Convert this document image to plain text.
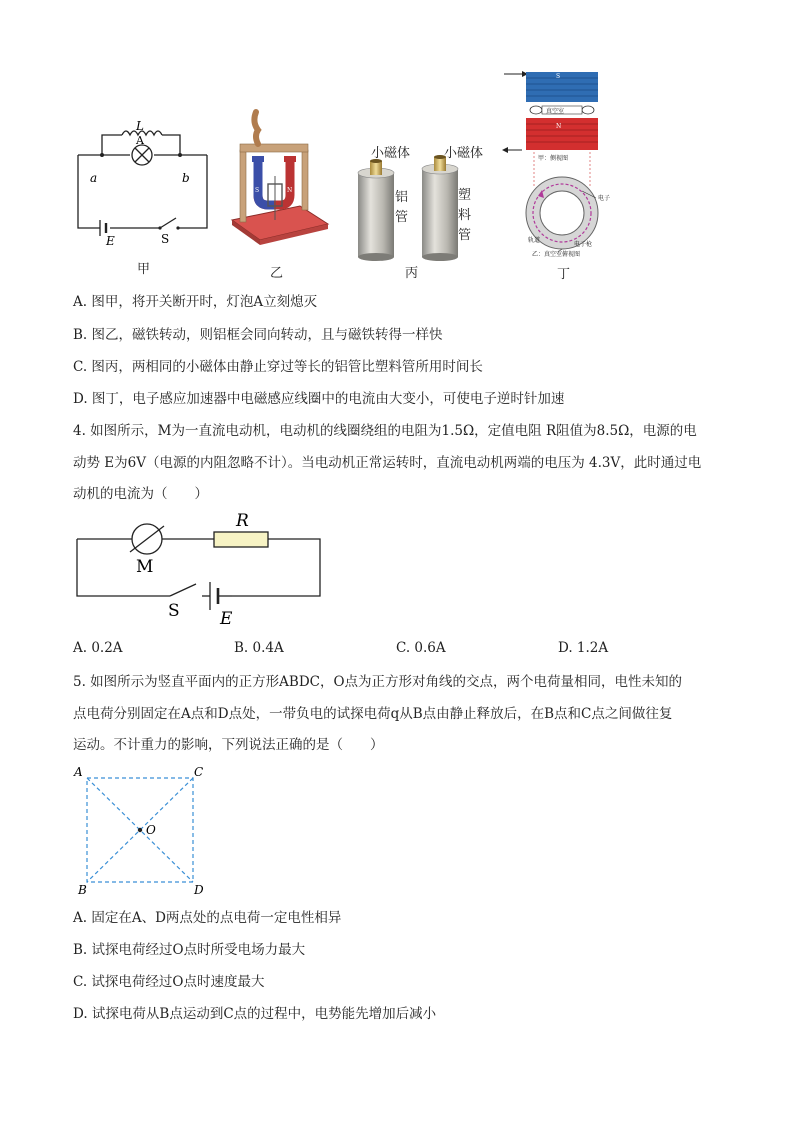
L
A
a	b
E	S
甲
S	N
乙
小磁体	小磁体
铝
管
塑
料
管
丙
S
N
真空室
甲：侧视图
电子
轨道
电子枪
乙：真空室俯视图
丁
A. 图甲，将开关断开时，灯泡A立刻熄灭
B. 图乙，磁铁转动，则铝框会同向转动，且与磁铁转得一样快
C. 图丙，两相同的小磁体由静止穿过等长的铝管比塑料管所用时间长
D. 图丁，电子感应加速器中电磁感应线圈中的电流由大变小，可使电子逆时针加速
4. 如图所示，M为一直流电动机，电动机的线圈绕组的电阻为1.5Ω，定值电阻 R阻值为8.5Ω，电源的电
动势 E为6V（电源的内阻忽略不计）。当电动机正常运转时，直流电动机两端的电压为 4.3V，此时通过电
动机的电流为（　　）
R
M
S E
A. 0.2A	B. 0.4A	C. 0.6A	D. 1.2A
5. 如图所示为竖直平面内的正方形ABDC，O点为正方形对角线的交点，两个电荷量相同，电性未知的
点电荷分别固定在A点和D点处，一带负电的试探电荷q从B点由静止释放后，在B点和C点之间做往复
运动。不计重力的影响，下列说法正确的是（　　）
A	C
O
B	D
A. 固定在A、D两点处的点电荷一定电性相异
B. 试探电荷经过O点时所受电场力最大
C. 试探电荷经过O点时速度最大
D. 试探电荷从B点运动到C点的过程中，电势能先增加后减小
